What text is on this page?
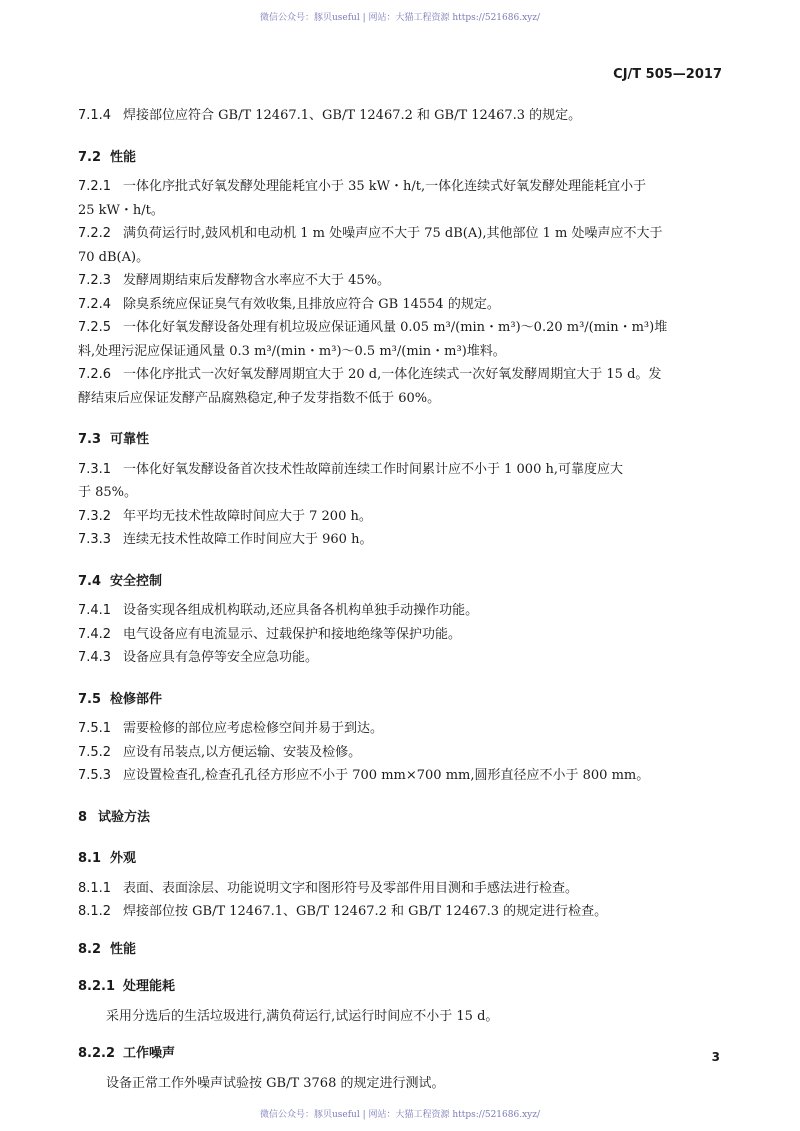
微信公众号：豚贝useful | 网站：大猫工程资源 https://521686.xyz/
CJ/T 505—2017
7.1.4 焊接部位应符合 GB/T 12467.1、GB/T 12467.2 和 GB/T 12467.3 的规定。
7.2 性能
7.2.1 一体化序批式好氧发酵处理能耗宜小于 35 kW・h/t,一体化连续式好氧发酵处理能耗宜小于
25 kW・h/t。
7.2.2 满负荷运行时,鼓风机和电动机 1 m 处噪声应不大于 75 dB(A),其他部位 1 m 处噪声应不大于
70 dB(A)。
7.2.3 发酵周期结束后发酵物含水率应不大于 45%。
7.2.4 除臭系统应保证臭气有效收集,且排放应符合 GB 14554 的规定。
7.2.5 一体化好氧发酵设备处理有机垃圾应保证通风量 0.05 m³/(min・m³)～0.20 m³/(min・m³)堆
料,处理污泥应保证通风量 0.3 m³/(min・m³)～0.5 m³/(min・m³)堆料。
7.2.6 一体化序批式一次好氧发酵周期宜大于 20 d,一体化连续式一次好氧发酵周期宜大于 15 d。发
酵结束后应保证发酵产品腐熟稳定,种子发芽指数不低于 60%。
7.3 可靠性
7.3.1 一体化好氧发酵设备首次技术性故障前连续工作时间累计应不小于 1 000 h,可靠度应大
于 85%。
7.3.2 年平均无技术性故障时间应大于 7 200 h。
7.3.3 连续无技术性故障工作时间应大于 960 h。
7.4 安全控制
7.4.1 设备实现各组成机构联动,还应具备各机构单独手动操作功能。
7.4.2 电气设备应有电流显示、过载保护和接地绝缘等保护功能。
7.4.3 设备应具有急停等安全应急功能。
7.5 检修部件
7.5.1 需要检修的部位应考虑检修空间并易于到达。
7.5.2 应设有吊装点,以方便运输、安装及检修。
7.5.3 应设置检查孔,检查孔孔径方形应不小于 700 mm×700 mm,圆形直径应不小于 800 mm。
8 试验方法
8.1 外观
8.1.1 表面、表面涂层、功能说明文字和图形符号及零部件用目测和手感法进行检查。
8.1.2 焊接部位按 GB/T 12467.1、GB/T 12467.2 和 GB/T 12467.3 的规定进行检查。
8.2 性能
8.2.1 处理能耗
采用分选后的生活垃圾进行,满负荷运行,试运行时间应不小于 15 d。
8.2.2 工作噪声
设备正常工作外噪声试验按 GB/T 3768 的规定进行测试。
3
微信公众号：豚贝useful | 网站：大猫工程资源 https://521686.xyz/
